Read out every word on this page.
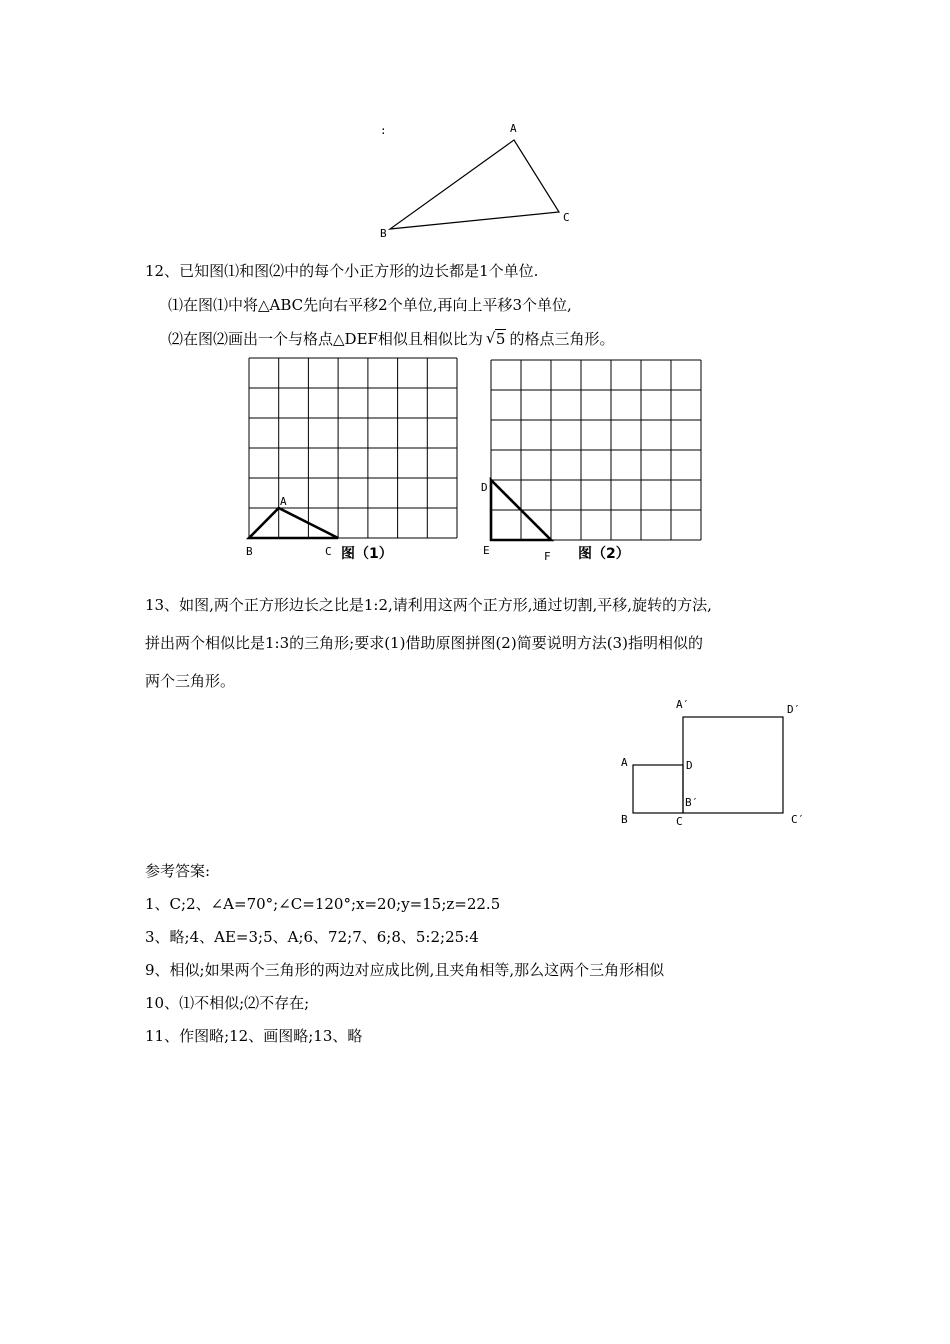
:	A
B
C
12、已知图⑴和图⑵中的每个小正方形的边长都是1个单位.
⑴在图⑴中将△ABC先向右平移2个单位,再向上平移3个单位,
⑵在图⑵画出一个与格点△DEF相似且相似比为 √ 5 的格点三角形。
A
B	C 图（1）
D
E	F 图（2）
13、如图,两个正方形边长之比是1:2,请利用这两个正方形,通过切割,平移,旋转的方法,
拼出两个相似比是1:3的三角形;要求(1)借助原图拼图(2)简要说明方法(3)指明相似的
两个三角形。
A′	D′
A	D
B′
B	C	C′
参考答案:
1、C;2、∠A=70°;∠C=120°;x=20;y=15;z=22.5
3、略;4、AE=3;5、A;6、72;7、6;8、5:2;25:4
9、相似;如果两个三角形的两边对应成比例,且夹角相等,那么这两个三角形相似
10、⑴不相似;⑵不存在;
11、作图略;12、画图略;13、略
